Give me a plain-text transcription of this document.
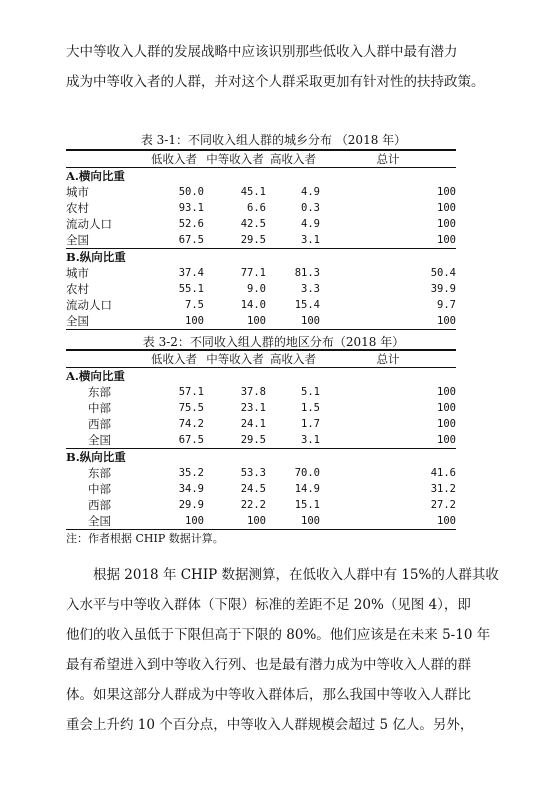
大中等收入人群的发展战略中应该识别那些低收入人群中最有潜力
成为中等收入者的人群，并对这个人群采取更加有针对性的扶持政策。
表 3-1：不同收入组人群的城乡分布 （2018 年）
	低收入者	中等收入者	高收入者	总计
A.横向比重				
城市	50.0	45.1	4.9	100
农村	93.1	6.6	0.3	100
流动人口	52.6	42.5	4.9	100
全国	67.5	29.5	3.1	100
B.纵向比重				
城市	37.4	77.1	81.3	50.4
农村	55.1	9.0	3.3	39.9
流动人口	7.5	14.0	15.4	9.7
全国	100	100	100	100
表 3-2：不同收入组人群的地区分布（2018 年）
	低收入者	中等收入者	高收入者	总计
A.横向比重				
东部	57.1	37.8	5.1	100
中部	75.5	23.1	1.5	100
西部	74.2	24.1	1.7	100
全国	67.5	29.5	3.1	100
B.纵向比重				
东部	35.2	53.3	70.0	41.6
中部	34.9	24.5	14.9	31.2
西部	29.9	22.2	15.1	27.2
全国	100	100	100	100
注：作者根据 CHIP 数据计算。
根据 2018 年 CHIP 数据测算，在低收入人群中有 15%的人群其收
入水平与中等收入群体（下限）标准的差距不足 20%（见图 4），即
他们的收入虽低于下限但高于下限的 80%。他们应该是在未来 5-10 年
最有希望进入到中等收入行列、也是最有潜力成为中等收入人群的群
体。如果这部分人群成为中等收入群体后，那么我国中等收入人群比
重会上升约 10 个百分点，中等收入人群规模会超过 5 亿人。另外，
